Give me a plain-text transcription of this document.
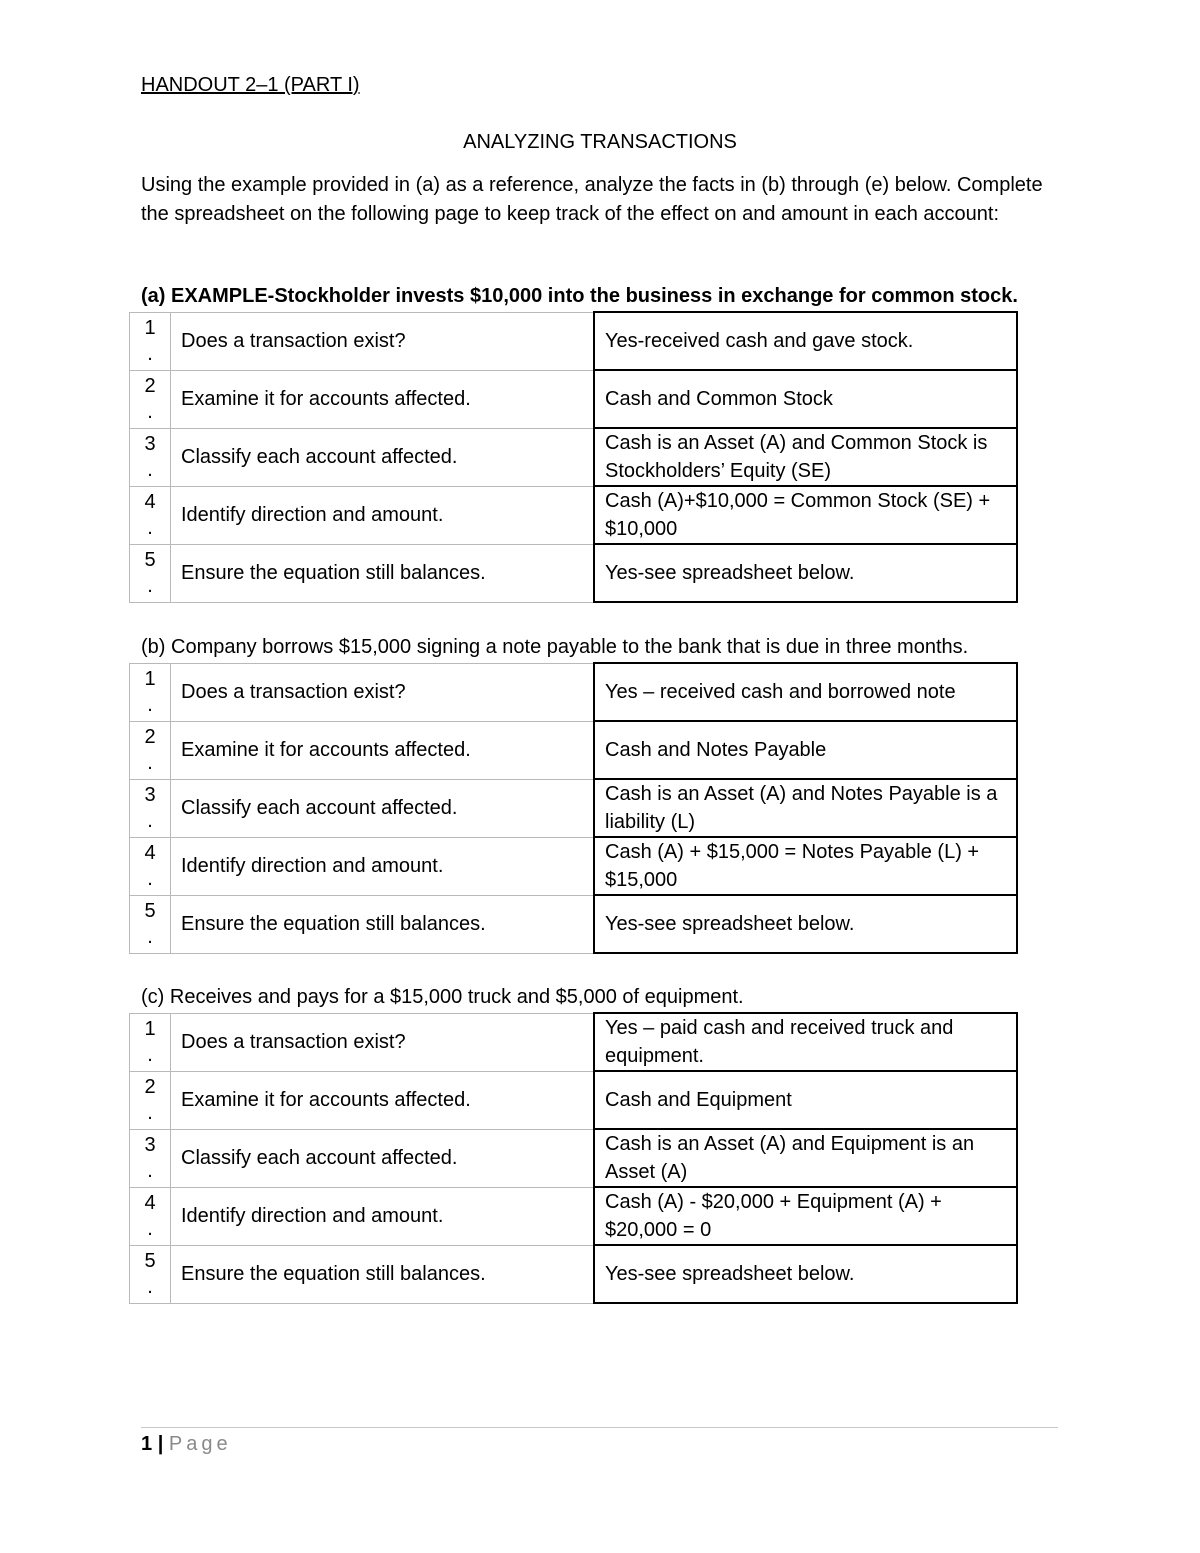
HANDOUT 2–1 (PART I)
ANALYZING TRANSACTIONS
Using the example provided in (a) as a reference, analyze the facts in (b) through (e) below. Complete the spreadsheet on the following page to keep track of the effect on and amount in each account:
(a) EXAMPLE-Stockholder invests $10,000 into the business in exchange for common stock.
1
.	Does a transaction exist?	Yes-received cash and gave stock.

2
.	Examine it for accounts affected.	Cash and Common Stock

3
.	Classify each account affected.	Cash is an Asset (A) and Common Stock is Stockholders’ Equity (SE)

4
.	Identify direction and amount.	Cash (A)+$10,000 = Common Stock (SE) + $10,000

5
.	Ensure the equation still balances.	Yes-see spreadsheet below.
(b) Company borrows $15,000 signing a note payable to the bank that is due in three months.
1
.	Does a transaction exist?	Yes – received cash and borrowed note

2
.	Examine it for accounts affected.	Cash and Notes Payable

3
.	Classify each account affected.	Cash is an Asset (A) and Notes Payable is a liability (L)

4
.	Identify direction and amount.	Cash (A) + $15,000 = Notes Payable (L) + $15,000

5
.	Ensure the equation still balances.	Yes-see spreadsheet below.
(c) Receives and pays for a $15,000 truck and $5,000 of equipment.
1
.	Does a transaction exist?	Yes – paid cash and received truck and equipment.

2
.	Examine it for accounts affected.	Cash and Equipment

3
.	Classify each account affected.	Cash is an Asset (A) and Equipment is an Asset (A)

4
.	Identify direction and amount.	Cash (A) - $20,000 + Equipment (A) + $20,000 = 0

5
.	Ensure the equation still balances.	Yes-see spreadsheet below.
1 | Page
